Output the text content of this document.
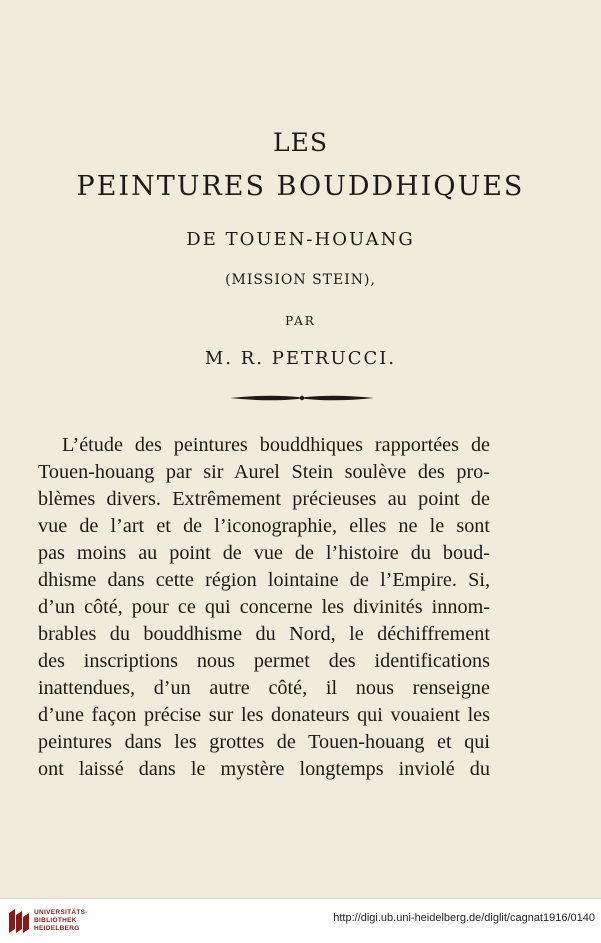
LES
PEINTURES BOUDDHIQUES
DE TOUEN-HOUANG
(MISSION STEIN),
PAR
M. R. PETRUCCI.
L’étude des peintures bouddhiques rapportées de
Touen-houang par sir Aurel Stein soulève des pro-
blèmes divers. Extrêmement précieuses au point de
vue de l’art et de l’iconographie, elles ne le sont
pas moins au point de vue de l’histoire du boud-
dhisme dans cette région lointaine de l’Empire. Si,
d’un côté, pour ce qui concerne les divinités innom-
brables du bouddhisme du Nord, le déchiffrement
des inscriptions nous permet des identifications
inattendues, d’un autre côté, il nous renseigne
d’une façon précise sur les donateurs qui vouaient les
peintures dans les grottes de Touen-houang et qui
ont laissé dans le mystère longtemps inviolé du
UNIVERSITÄTS-
BIBLIOTHEK
HEIDELBERG
http://digi.ub.uni-heidelberg.de/diglit/cagnat1916/0140
